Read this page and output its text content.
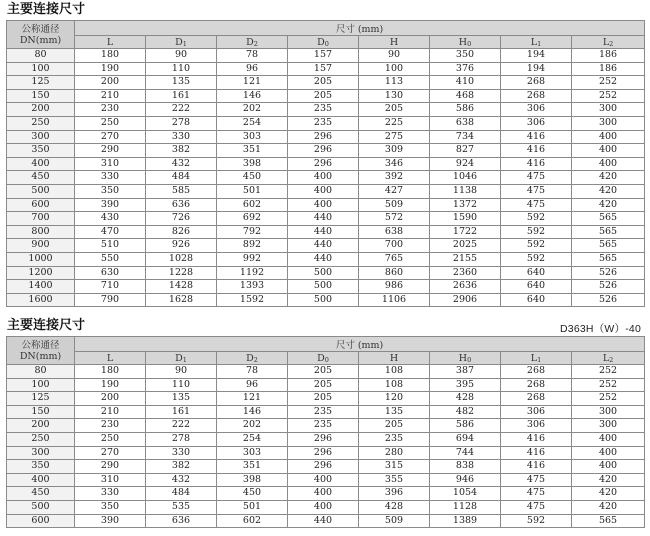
主要连接尺寸
公称通径
DN(mm)	尺寸 (mm)							
	L	$D_1$	$D_2$	$D_0$	H	$H_0$	$L_1$	$L_2$
80	180	90	78	157	90	350	194	186
100	190	110	96	157	100	376	194	186
125	200	135	121	205	113	410	268	252
150	210	161	146	205	130	468	268	252
200	230	222	202	235	205	586	306	300
250	250	278	254	235	225	638	306	300
300	270	330	303	296	275	734	416	400
350	290	382	351	296	309	827	416	400
400	310	432	398	296	346	924	416	400
450	330	484	450	400	392	1046	475	420
500	350	585	501	400	427	1138	475	420
600	390	636	602	400	509	1372	475	420
700	430	726	692	440	572	1590	592	565
800	470	826	792	440	638	1722	592	565
900	510	926	892	440	700	2025	592	565
1000	550	1028	992	440	765	2155	592	565
1200	630	1228	1192	500	860	2360	640	526
1400	710	1428	1393	500	986	2636	640	526
1600	790	1628	1592	500	1106	2906	640	526
主要连接尺寸	D363H（W）-40
公称通径
DN(mm)	尺寸 (mm)							
	L	$D_1$	$D_2$	$D_0$	H	$H_0$	$L_1$	$L_2$
80	180	90	78	205	108	387	268	252
100	190	110	96	205	108	395	268	252
125	200	135	121	205	120	428	268	252
150	210	161	146	235	135	482	306	300
200	230	222	202	235	205	586	306	300
250	250	278	254	296	235	694	416	400
300	270	330	303	296	280	744	416	400
350	290	382	351	296	315	838	416	400
400	310	432	398	400	355	946	475	420
450	330	484	450	400	396	1054	475	420
500	350	535	501	400	428	1128	475	420
600	390	636	602	440	509	1389	592	565
